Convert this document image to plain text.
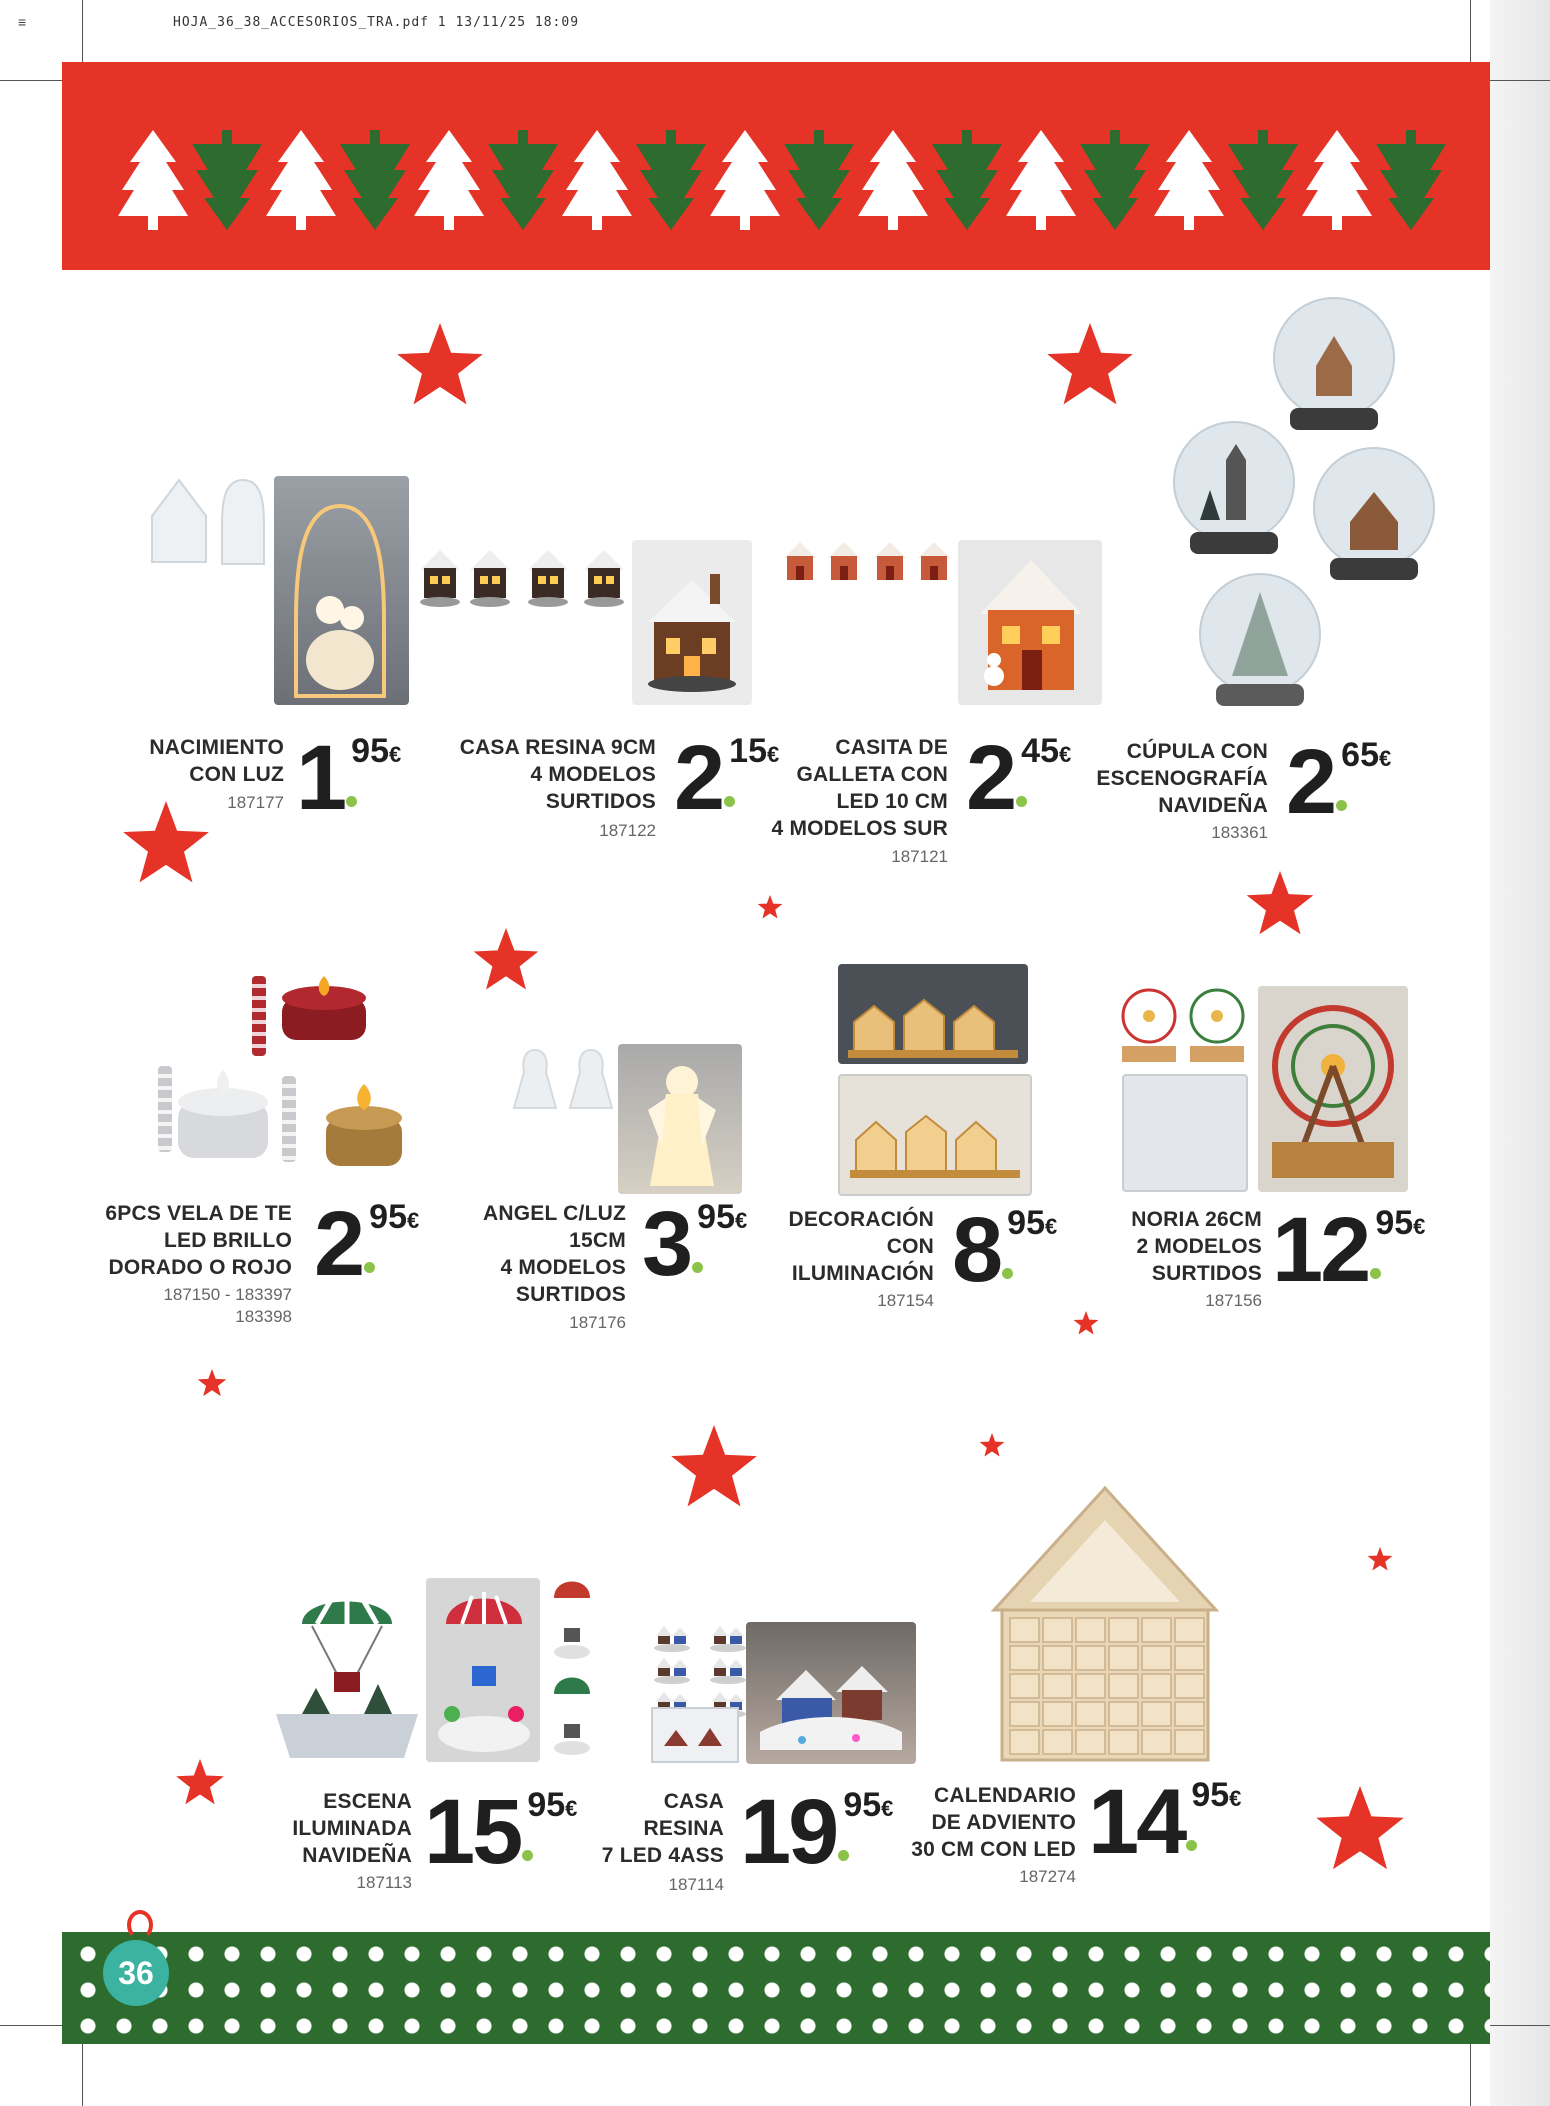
≡	HOJA_36_38_ACCESORIOS_TRA.pdf 1 13/11/25 18:09
NACIMIENTO
CON LUZ
187177 1 95€	CASA RESINA 9CM
4 MODELOS
SURTIDOS
187122
2 15€	CASITA DE
GALLETA CON
LED 10 CM
4 MODELOS SUR
187121
2 45€	CÚPULA CON
ESCENOGRAFÍA
NAVIDEÑA
183361 2 65€
6PCS VELA DE TE
LED BRILLO
DORADO O ROJO
187150 - 183397
183398
2 95€	ANGEL C/LUZ
15CM
4 MODELOS
SURTIDOS
187176
3 95€	DECORACIÓN
CON
ILUMINACIÓN
187154 8 95€	NORIA 26CM
2 MODELOS
SURTIDOS
187156 12 95€
ESCENA
ILUMINADA
NAVIDEÑA
187113 15 95€	CASA
RESINA
7 LED 4ASS
187114
19 95€
CALENDARIO
DE ADVIENTO
30 CM CON LED
187274
14 95€
36
